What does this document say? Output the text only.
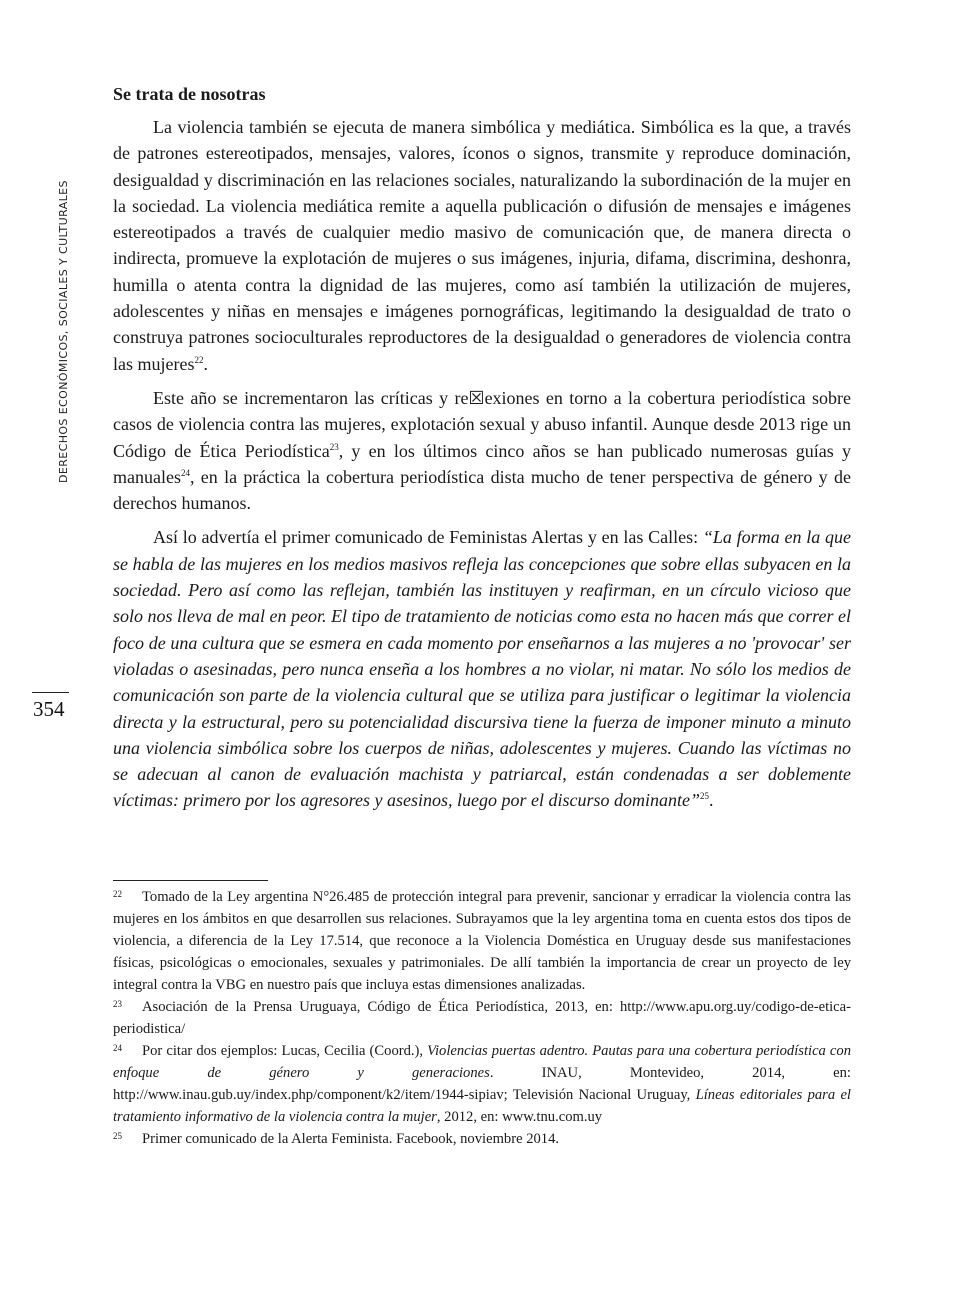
DERECHOS ECONÓMICOS, SOCIALES Y CULTURALES
354
Se trata de nosotras

La violencia también se ejecuta de manera simbólica y mediática. Simbólica es la que, a través de patrones estereotipados, mensajes, valores, íconos o signos, transmite y reproduce dominación, desigualdad y discriminación en las relaciones sociales, naturalizando la subordinación de la mujer en la sociedad. La violencia mediática remite a aquella publicación o difusión de mensajes e imágenes estereotipados a través de cualquier medio masivo de comunicación que, de manera directa o indirecta, promueve la explotación de mujeres o sus imágenes, injuria, difama, discrimina, deshonra, humilla o atenta contra la dignidad de las mujeres, como así también la utilización de mujeres, adolescentes y niñas en mensajes e imágenes pornográficas, legitimando la desigualdad de trato o construya patrones socioculturales reproductores de la desigualdad o generadores de violencia contra las mujeres$^{22}$.

Este año se incrementaron las críticas y re☒exiones en torno a la cobertura periodística sobre casos de violencia contra las mujeres, explotación sexual y abuso infantil. Aunque desde 2013 rige un Código de Ética Periodística$^{23}$, y en los últimos cinco años se han publicado numerosas guías y manuales$^{24}$, en la práctica la cobertura periodística dista mucho de tener perspectiva de género y de derechos humanos.

Así lo advertía el primer comunicado de Feministas Alertas y en las Calles: “La forma en la que se habla de las mujeres en los medios masivos refleja las concepciones que sobre ellas subyacen en la sociedad. Pero así como las reflejan, también las instituyen y reafirman, en un círculo vicioso que solo nos lleva de mal en peor. El tipo de tratamiento de noticias como esta no hacen más que correr el foco de una cultura que se esmera en cada momento por enseñarnos a las mujeres a no 'provocar' ser violadas o asesinadas, pero nunca enseña a los hombres a no violar, ni matar. No sólo los medios de comunicación son parte de la violencia cultural que se utiliza para justificar o legitimar la violencia directa y la estructural, pero su potencialidad discursiva tiene la fuerza de imponer minuto a minuto una violencia simbólica sobre los cuerpos de niñas, adolescentes y mujeres. Cuando las víctimas no se adecuan al canon de evaluación machista y patriarcal, están condenadas a ser doblemente víctimas: primero por los agresores y asesinos, luego por el discurso dominante”$^{25}$.

22 Tomado de la Ley argentina N°26.485 de protección integral para prevenir, sancionar y erradicar la violencia contra las mujeres en los ámbitos en que desarrollen sus relaciones. Subrayamos que la ley argentina toma en cuenta estos dos tipos de violencia, a diferencia de la Ley 17.514, que reconoce a la Violencia Doméstica en Uruguay desde sus manifestaciones físicas, psicológicas o emocionales, sexuales y patrimoniales. De allí también la importancia de crear un proyecto de ley integral contra la VBG en nuestro país que incluya estas dimensiones analizadas.

23 Asociación de la Prensa Uruguaya, Código de Ética Periodística, 2013, en: http://www.apu.org.uy/codigo-de-etica-periodistica/

24 Por citar dos ejemplos: Lucas, Cecilia (Coord.), Violencias puertas adentro. Pautas para una cobertura periodística con enfoque de género y generaciones. INAU, Montevideo, 2014, en: http://www.inau.gub.uy/index.php/component/k2/item/1944-sipiav; Televisión Nacional Uruguay, Líneas editoriales para el tratamiento informativo de la violencia contra la mujer, 2012, en: www.tnu.com.uy

25 Primer comunicado de la Alerta Feminista. Facebook, noviembre 2014.
